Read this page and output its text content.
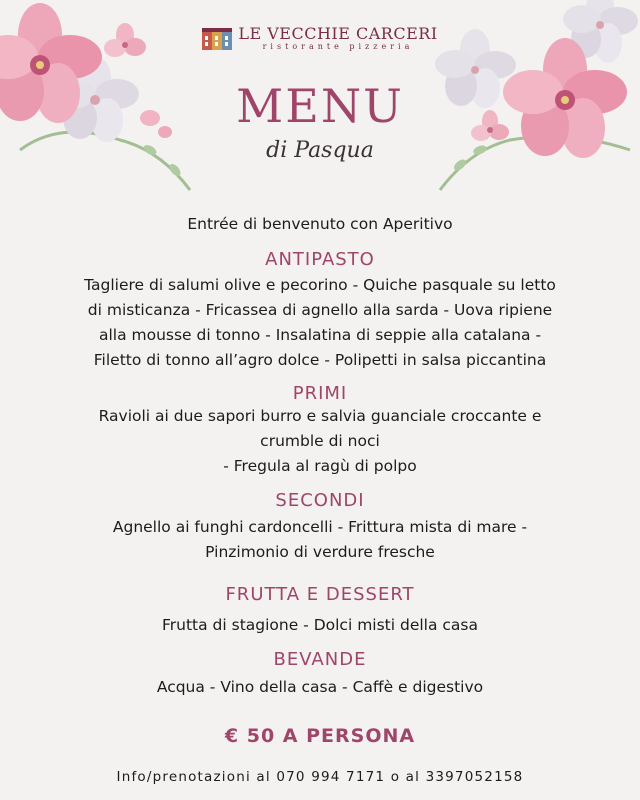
LE VECCHIE CARCERI
ristorante pizzeria
MENU
di Pasqua
Entrée di benvenuto con Aperitivo
ANTIPASTO
Tagliere di salumi olive e pecorino - Quiche pasquale su letto
di misticanza - Fricassea di agnello alla sarda - Uova ripiene
alla mousse di tonno - Insalatina di seppie alla catalana -
Filetto di tonno all’agro dolce - Polipetti in salsa piccantina
PRIMI
Ravioli ai due sapori burro e salvia guanciale croccante e
crumble di noci
- Fregula al ragù di polpo
SECONDI
Agnello ai funghi cardoncelli - Frittura mista di mare -
Pinzimonio di verdure fresche
FRUTTA E DESSERT
Frutta di stagione - Dolci misti della casa
BEVANDE
Acqua - Vino della casa - Caffè e digestivo
€ 50 A PERSONA
Info/prenotazioni al 070 994 7171 o al 3397052158
